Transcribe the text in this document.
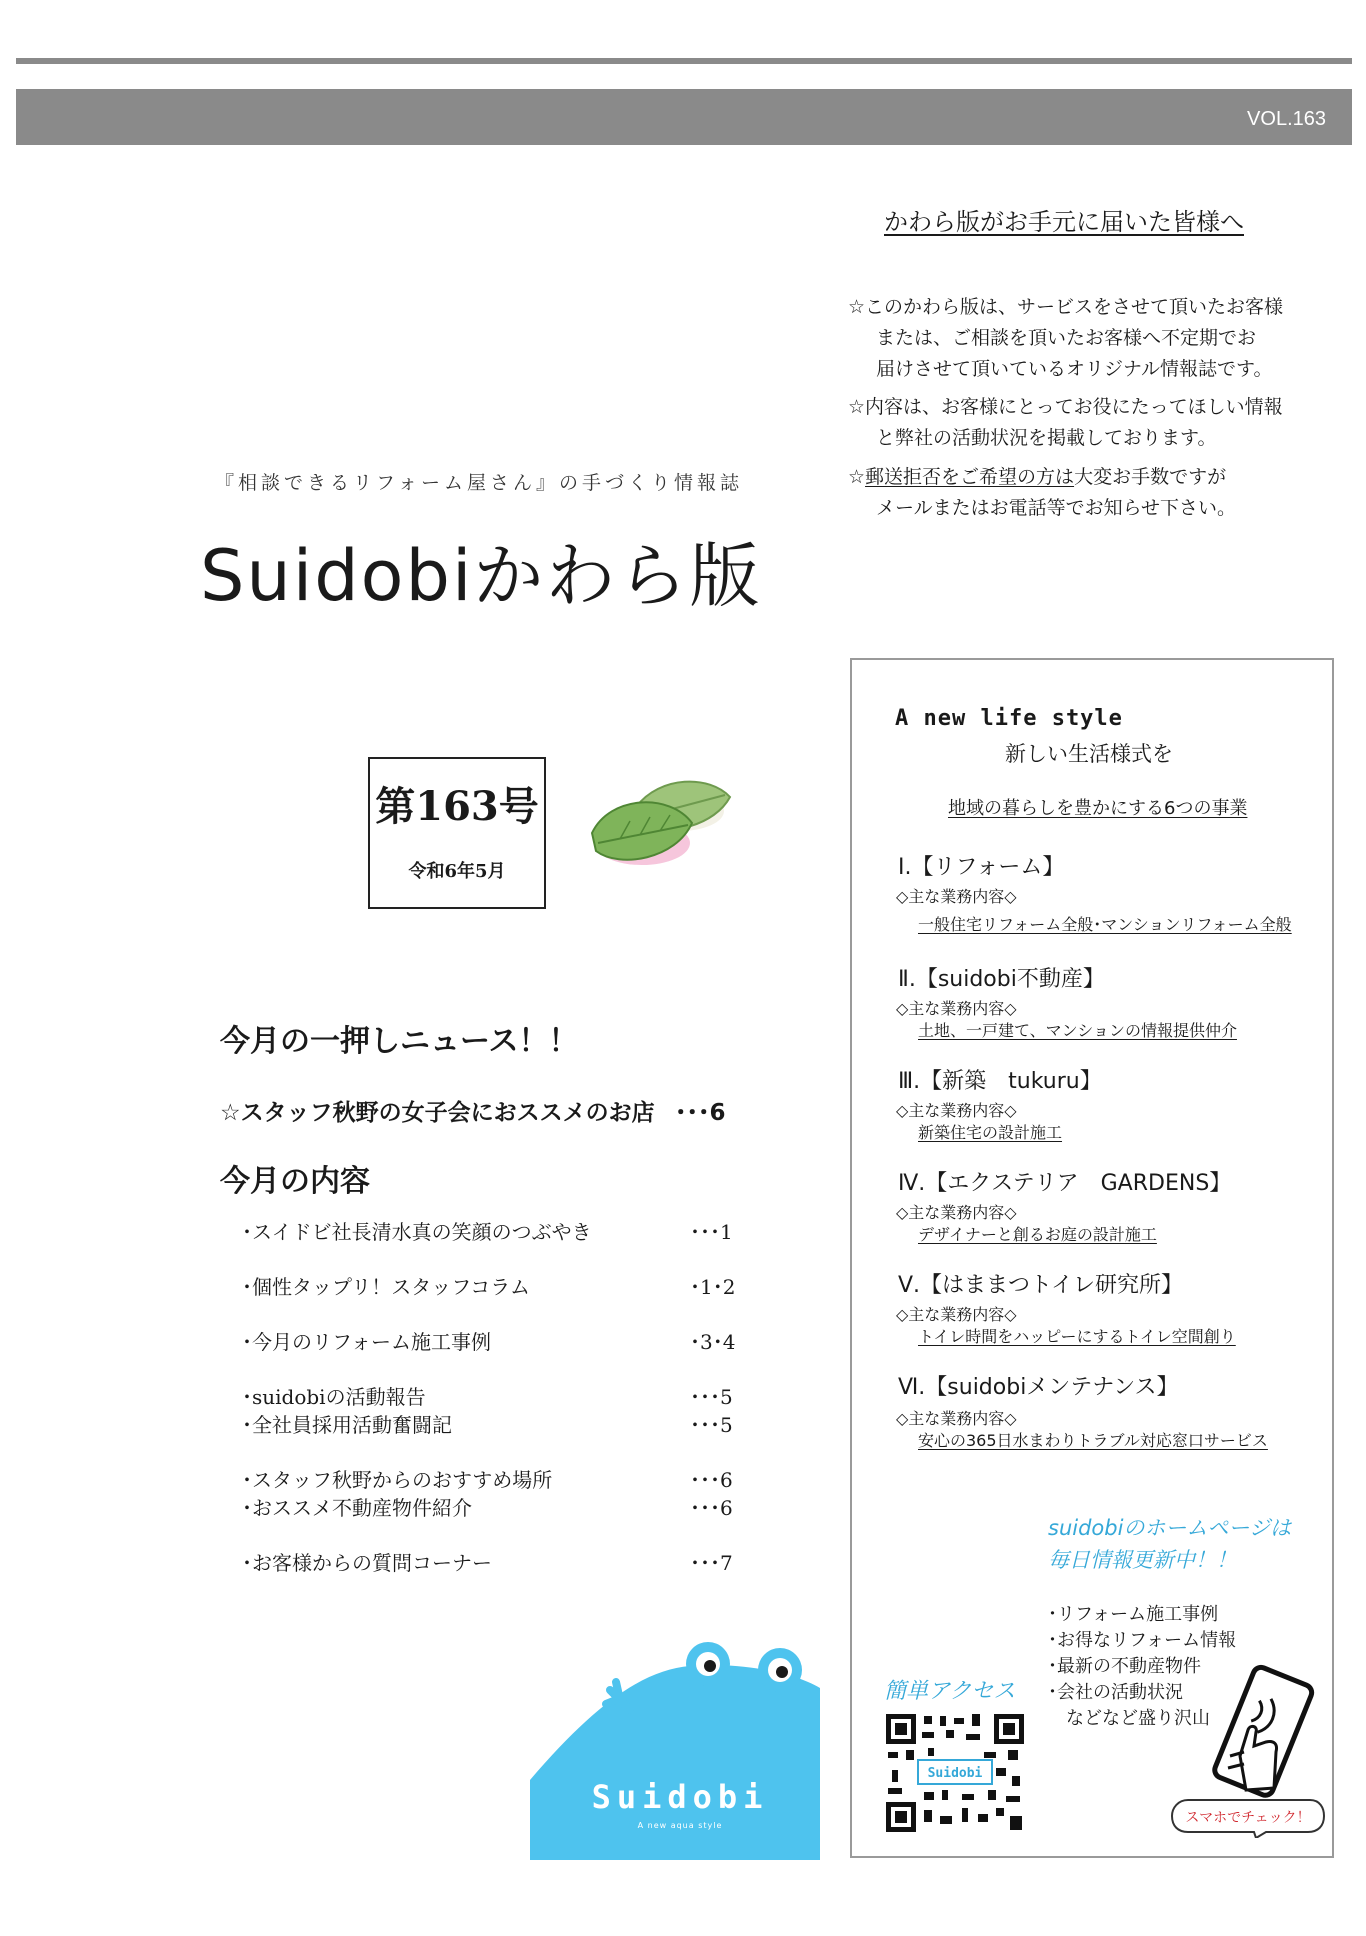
VOL.163
かわら版がお手元に届いた皆様へ
☆このかわら版は、サービスをさせて頂いたお客様
または、ご相談を頂いたお客様へ不定期でお
届けさせて頂いているオリジナル情報誌です。
☆内容は、お客様にとってお役にたってほしい情報
と弊社の活動状況を掲載しております。
☆郵送拒否をご希望の方は大変お手数ですが
メールまたはお電話等でお知らせ下さい。
『相談できるリフォーム屋さん』の手づくり情報誌
Suidobiかわら版
第163号
令和6年5月
今月の一押しニュース！！
☆スタッフ秋野の女子会におススメのお店 ･･･6
今月の内容
･スイドビ社長清水真の笑顔のつぶやき	･･･1
･個性タップリ！スタッフコラム	･1･2
･今月のリフォーム施工事例	･3･4
･suidobiの活動報告	･･･5
･全社員採用活動奮闘記	･･･5
･スタッフ秋野からのおすすめ場所	･･･6
･おススメ不動産物件紹介	･･･6
･お客様からの質問コーナー	･･･7
Suidobi
A new aqua style
A new life style
新しい生活様式を
地域の暮らしを豊かにする6つの事業
Ⅰ.【リフォーム】
◇主な業務内容◇
一般住宅リフォーム全般･マンションリフォーム全般
Ⅱ.【suidobi不動産】
◇主な業務内容◇
土地、一戸建て、マンションの情報提供仲介
Ⅲ.【新築　tukuru】
◇主な業務内容◇
新築住宅の設計施工
Ⅳ.【エクステリア　GARDENS】
◇主な業務内容◇
デザイナーと創るお庭の設計施工
Ⅴ.【はままつトイレ研究所】
◇主な業務内容◇
トイレ時間をハッピーにするトイレ空間創り
Ⅵ.【suidobiメンテナンス】
◇主な業務内容◇
安心の365日水まわりトラブル対応窓口サービス
suidobiのホームページは
毎日情報更新中！！
･リフォーム施工事例
･お得なリフォーム情報
･最新の不動産物件
･会社の活動状況
　などなど盛り沢山
簡単アクセス
Suidobi
スマホでチェック！
